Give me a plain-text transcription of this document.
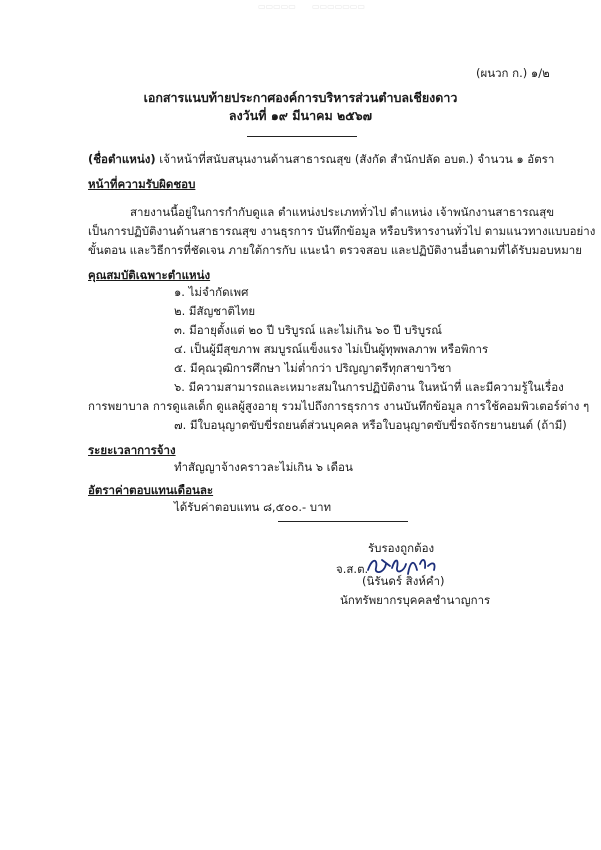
▭▭▭▭▭ ▭▭▭▭▭▭▭
(ผนวก ก.) ๑/๒
เอกสารแนบท้ายประกาศองค์การบริหารส่วนตำบลเชียงดาว
ลงวันที่ ๑๙ มีนาคม ๒๕๖๗
(ชื่อตำแหน่ง) เจ้าหน้าที่สนับสนุนงานด้านสาธารณสุข (สังกัด สำนักปลัด อบต.) จำนวน ๑ อัตรา
หน้าที่ความรับผิดชอบ
สายงานนี้อยู่ในการกำกับดูแล ตำแหน่งประเภททั่วไป ตำแหน่ง เจ้าพนักงานสาธารณสุข
เป็นการปฏิบัติงานด้านสาธารณสุข งานธุรการ บันทึกข้อมูล หรือบริหารงานทั่วไป ตามแนวทางแบบอย่าง
ขั้นตอน และวิธีการที่ชัดเจน ภายใต้การกับ แนะนำ ตรวจสอบ และปฏิบัติงานอื่นตามที่ได้รับมอบหมาย
คุณสมบัติเฉพาะตำแหน่ง
๑. ไม่จำกัดเพศ
๒. มีสัญชาติไทย
๓. มีอายุตั้งแต่ ๒๐ ปี บริบูรณ์ และไม่เกิน ๖๐ ปี บริบูรณ์
๔. เป็นผู้มีสุขภาพ สมบูรณ์แข็งแรง ไม่เป็นผู้ทุพพลภาพ หรือพิการ
๕. มีคุณวุฒิการศึกษา ไม่ต่ำกว่า ปริญญาตรีทุกสาขาวิชา
๖. มีความสามารถและเหมาะสมในการปฏิบัติงาน ในหน้าที่ และมีความรู้ในเรื่อง
การพยาบาล การดูแลเด็ก ดูแลผู้สูงอายุ รวมไปถึงการธุรการ งานบันทึกข้อมูล การใช้คอมพิวเตอร์ต่าง ๆ
๗. มีใบอนุญาตขับขี่รถยนต์ส่วนบุคคล หรือใบอนุญาตขับขี่รถจักรยานยนต์ (ถ้ามี)
ระยะเวลาการจ้าง
ทำสัญญาจ้างคราวละไม่เกิน ๖ เดือน
อัตราค่าตอบแทนเดือนละ
ได้รับค่าตอบแทน ๘,๕๐๐.- บาท
รับรองถูกต้อง
จ.ส.ต.
(นิรันดร์ สิงห์คำ)
นักทรัพยากรบุคคลชำนาญการ
